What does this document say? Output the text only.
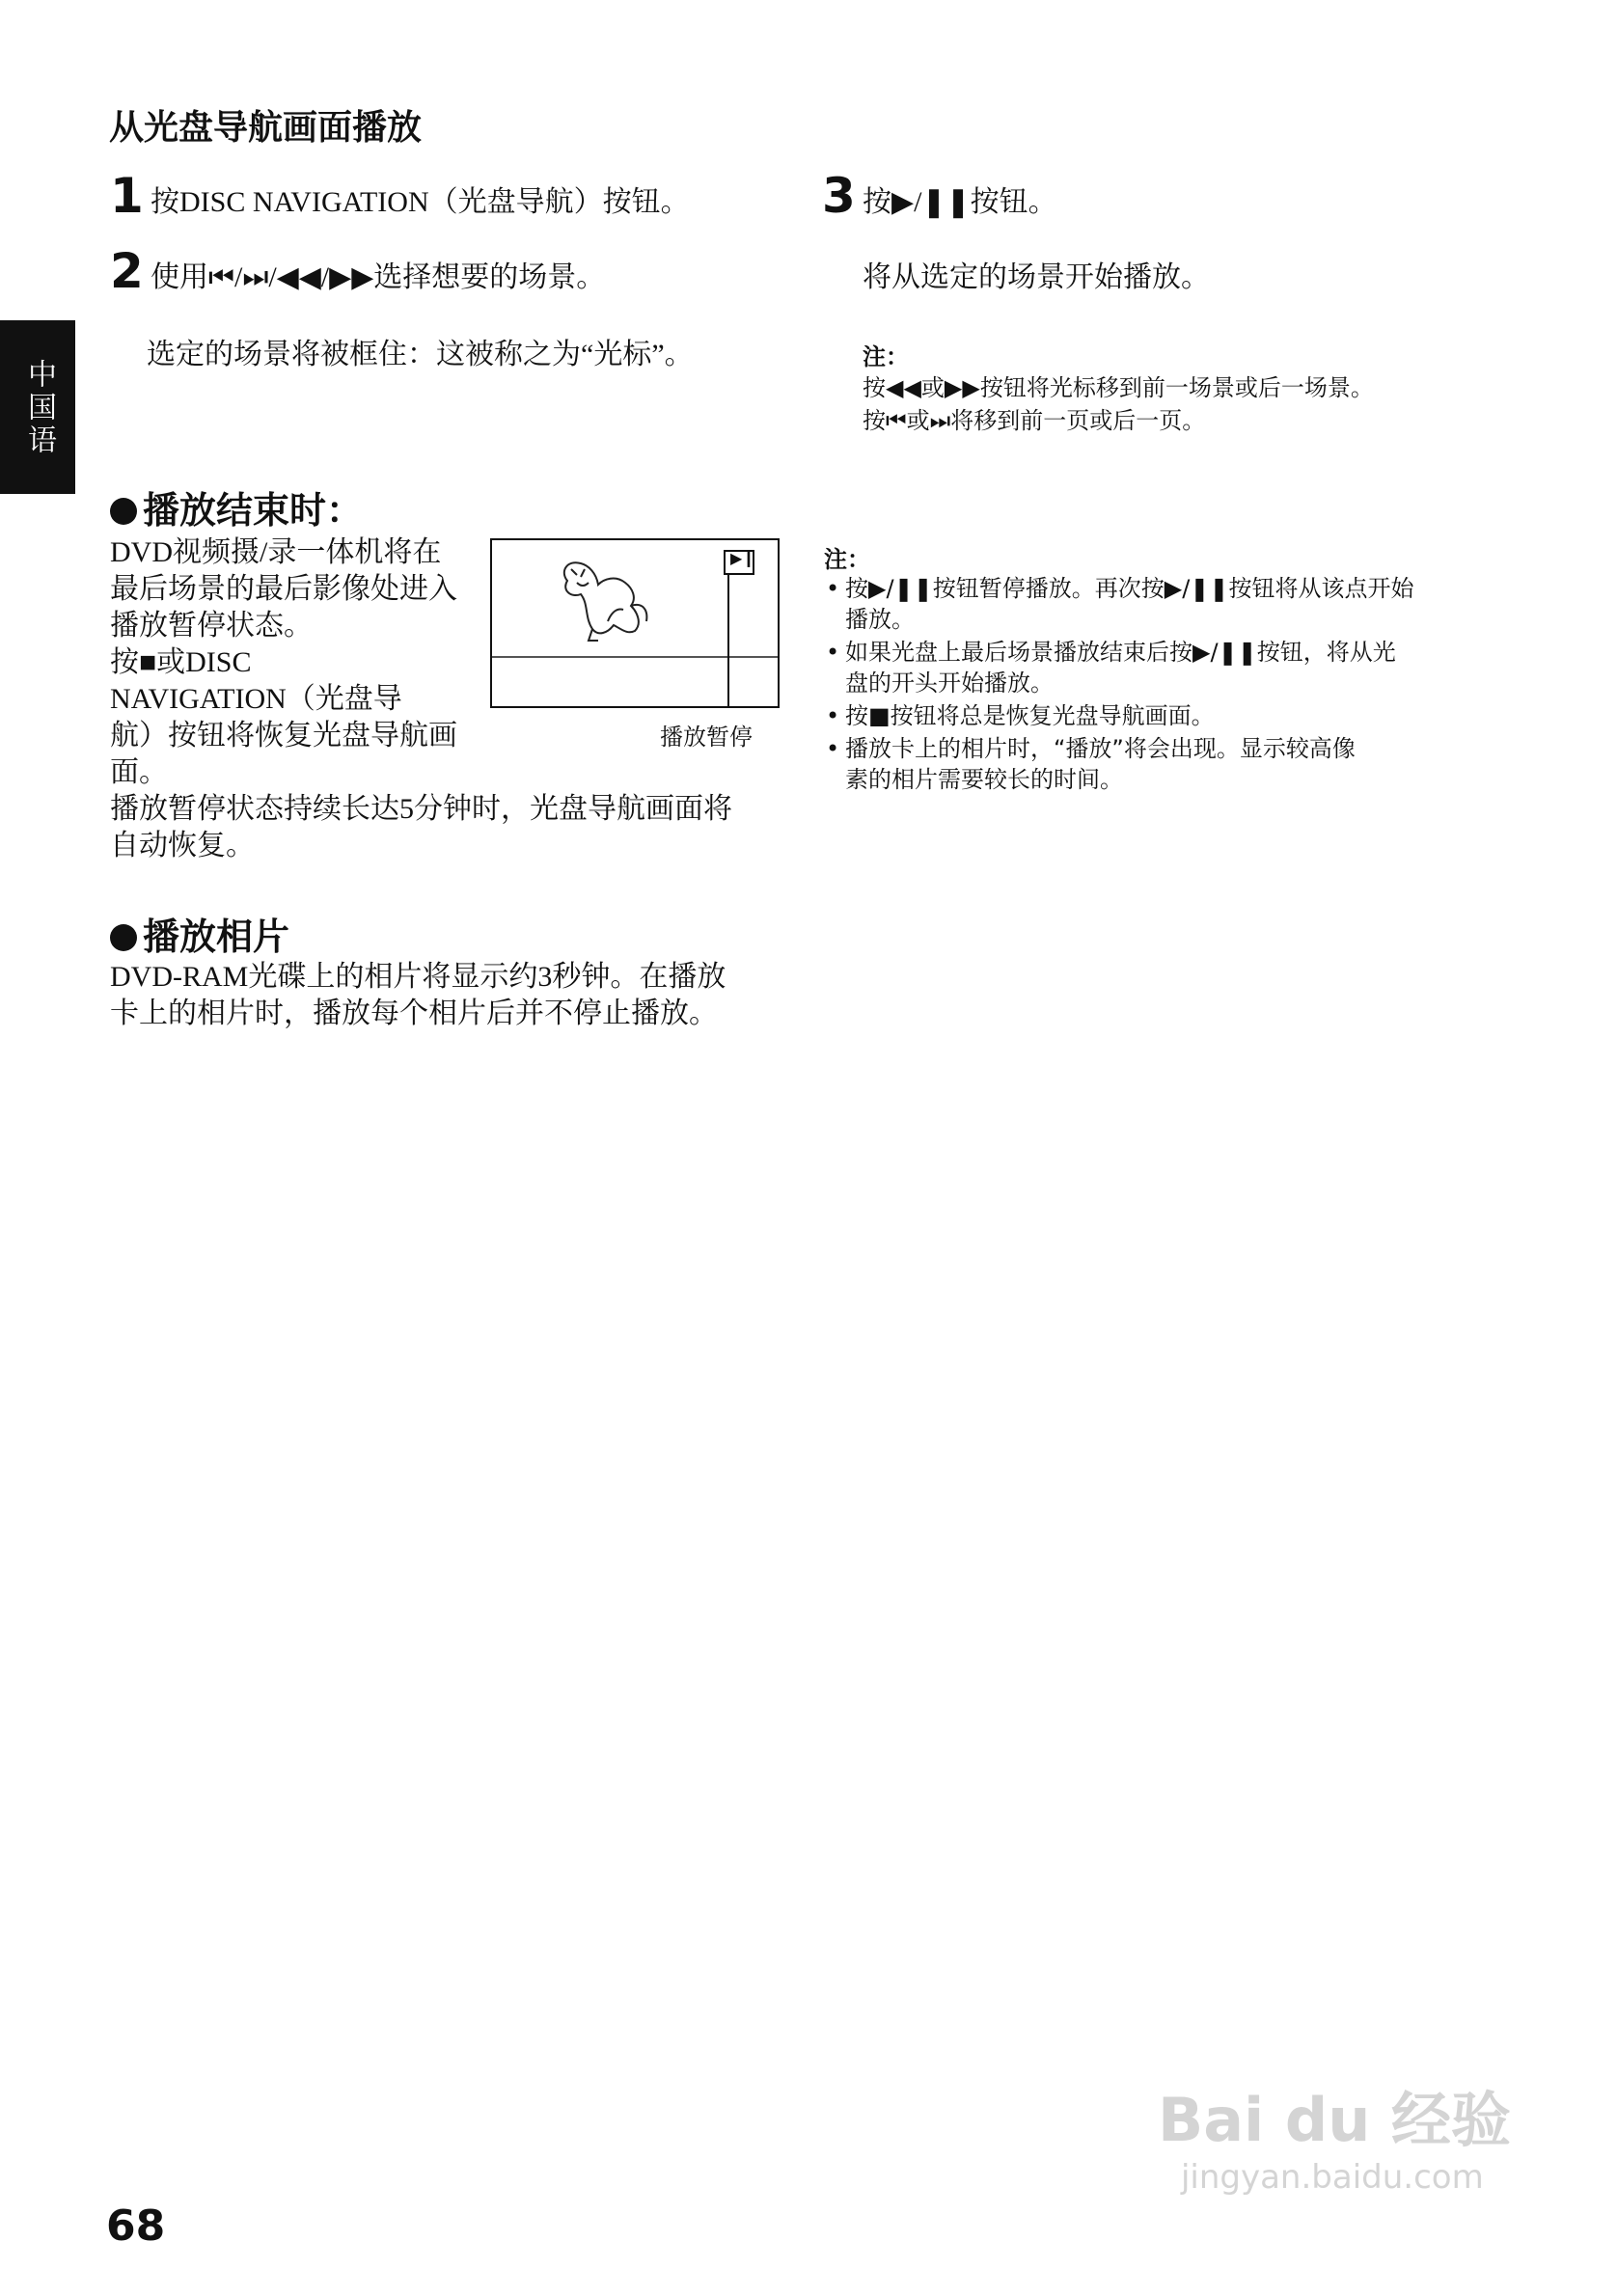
从光盘导航画面播放
中国语
1 按DISC NAVIGATION（光盘导航）按钮。
2 使用⏮/⏭/◀◀/▶▶选择想要的场景。
选定的场景将被框住：这被称之为“光标”。
3 按▶/❚❚按钮。
将从选定的场景开始播放。
注：
按◀◀或▶▶按钮将光标移到前一场景或后一场景。
按⏮或⏭将移到前一页或后一页。
播放结束时：
DVD视频摄/录一体机将在
最后场景的最后影像处进入
播放暂停状态。
按■或DISC
NAVIGATION（光盘导
航）按钮将恢复光盘导航画
面。
播放暂停状态持续长达5分钟时，光盘导航画面将
自动恢复。
▶❙
播放暂停
播放相片
DVD-RAM光碟上的相片将显示约3秒钟。在播放
卡上的相片时，播放每个相片后并不停止播放。
注：
• 按▶/❚❚按钮暂停播放。再次按▶/❚❚按钮将从该点开始
播放。
• 如果光盘上最后场景播放结束后按▶/❚❚按钮，将从光
盘的开头开始播放。
• 按■按钮将总是恢复光盘导航画面。
• 播放卡上的相片时，“播放”将会出现。显示较高像
素的相片需要较长的时间。
Bai du 经验
jingyan.baidu.com
68
